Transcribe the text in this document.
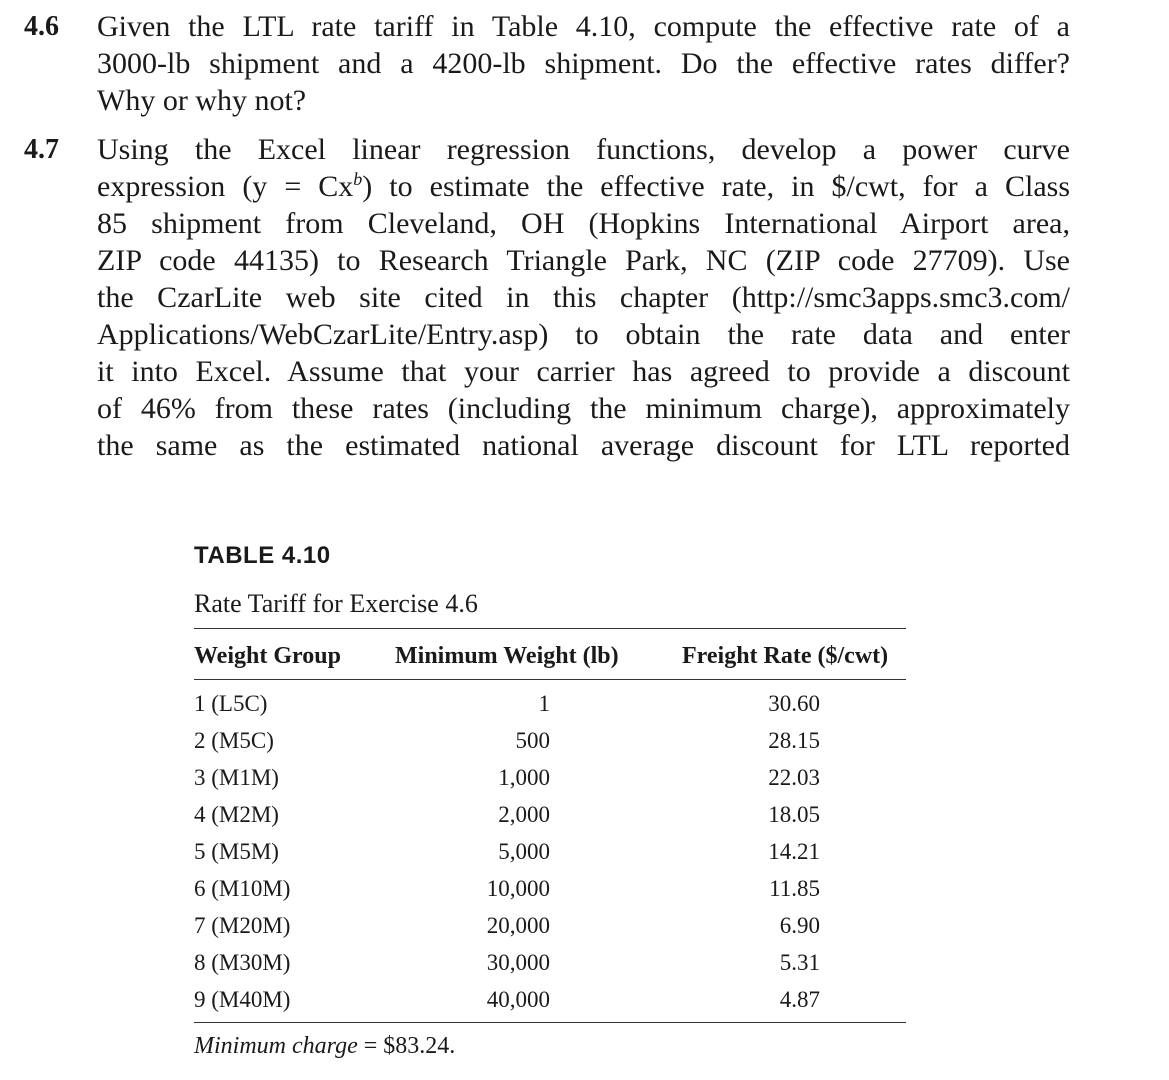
4.6 Given the LTL rate tariff in Table 4.10, compute the effective rate of a
3000-lb shipment and a 4200-lb shipment. Do the effective rates differ?
Why or why not?
4.7 Using the Excel linear regression functions, develop a power curve
expression $(y = Cx^b)$ to estimate the effective rate, in $/cwt, for a Class
85 shipment from Cleveland, OH (Hopkins International Airport area,
ZIP code 44135) to Research Triangle Park, NC (ZIP code 27709). Use
the CzarLite web site cited in this chapter (http://smc3apps.smc3.com/
Applications/WebCzarLite/Entry.asp) to obtain the rate data and enter
it into Excel. Assume that your carrier has agreed to provide a discount
of 46% from these rates (including the minimum charge), approximately
the same as the estimated national average discount for LTL reported
TABLE 4.10
Rate Tariff for Exercise 4.6
Weight Group Minimum Weight (lb)	Freight Rate ($/cwt)
1 (L5C)	1	30.60
2 (M5C)	500	28.15
3 (M1M)	1,000	22.03
4 (M2M)	2,000	18.05
5 (M5M)	5,000	14.21
6 (M10M)	10,000	11.85
7 (M20M)	20,000	6.90
8 (M30M)	30,000	5.31
9 (M40M)	40,000	4.87
Minimum charge = $83.24.
